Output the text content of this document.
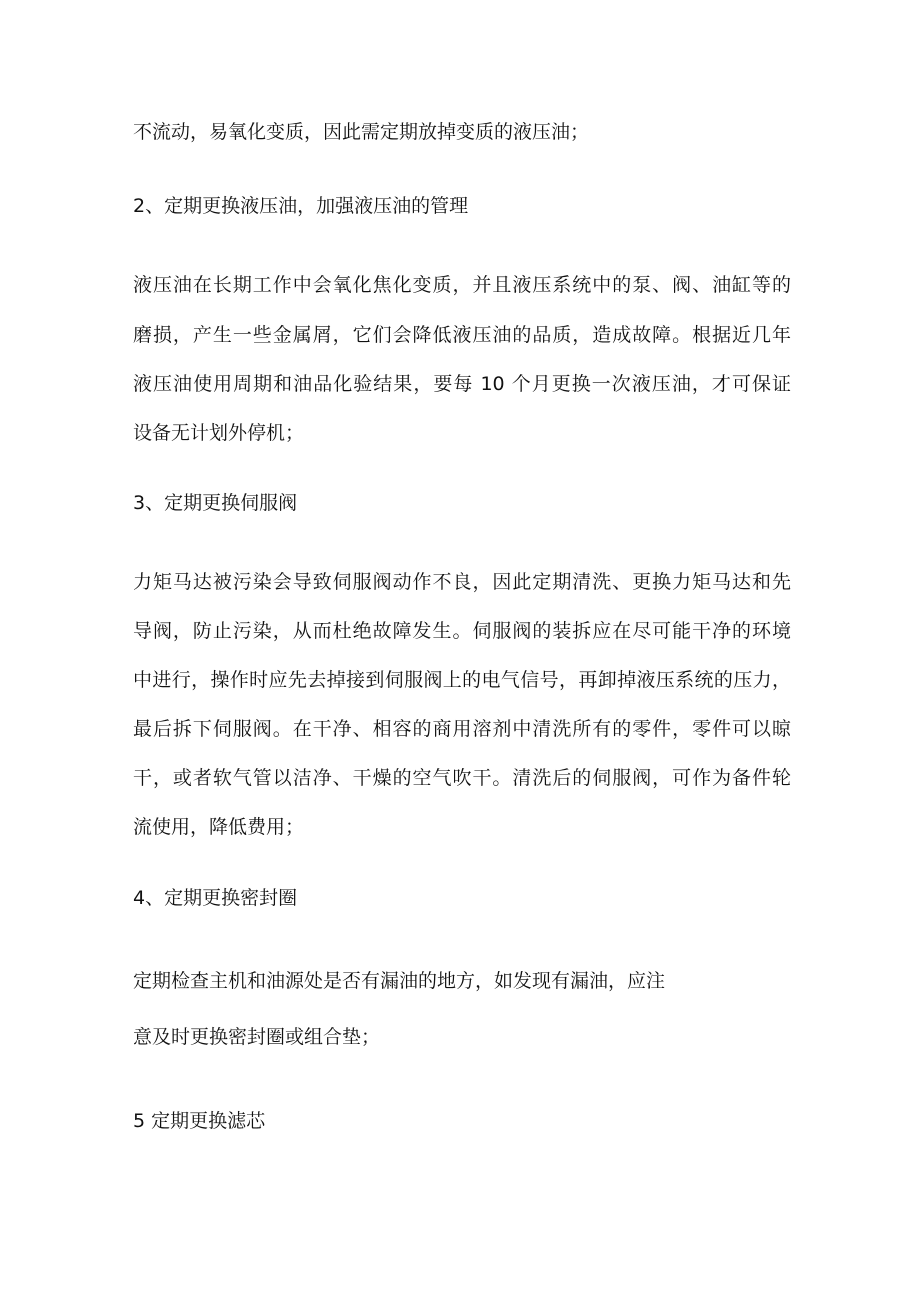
不流动，易氧化变质，因此需定期放掉变质的液压油；
2、定期更换液压油，加强液压油的管理
液压油在长期工作中会氧化焦化变质，并且液压系统中的泵、阀、油缸等的
磨损，产生一些金属屑，它们会降低液压油的品质，造成故障。根据近几年
液压油使用周期和油品化验结果，要每 10 个月更换一次液压油，才可保证
设备无计划外停机；
3、定期更换伺服阀
力矩马达被污染会导致伺服阀动作不良，因此定期清洗、更换力矩马达和先
导阀，防止污染，从而杜绝故障发生。伺服阀的装拆应在尽可能干净的环境
中进行，操作时应先去掉接到伺服阀上的电气信号，再卸掉液压系统的压力，
最后拆下伺服阀。在干净、相容的商用溶剂中清洗所有的零件，零件可以晾
干，或者软气管以洁净、干燥的空气吹干。清洗后的伺服阀，可作为备件轮
流使用，降低费用；
4、定期更换密封圈
定期检查主机和油源处是否有漏油的地方，如发现有漏油，应注
意及时更换密封圈或组合垫；
5 定期更换滤芯
